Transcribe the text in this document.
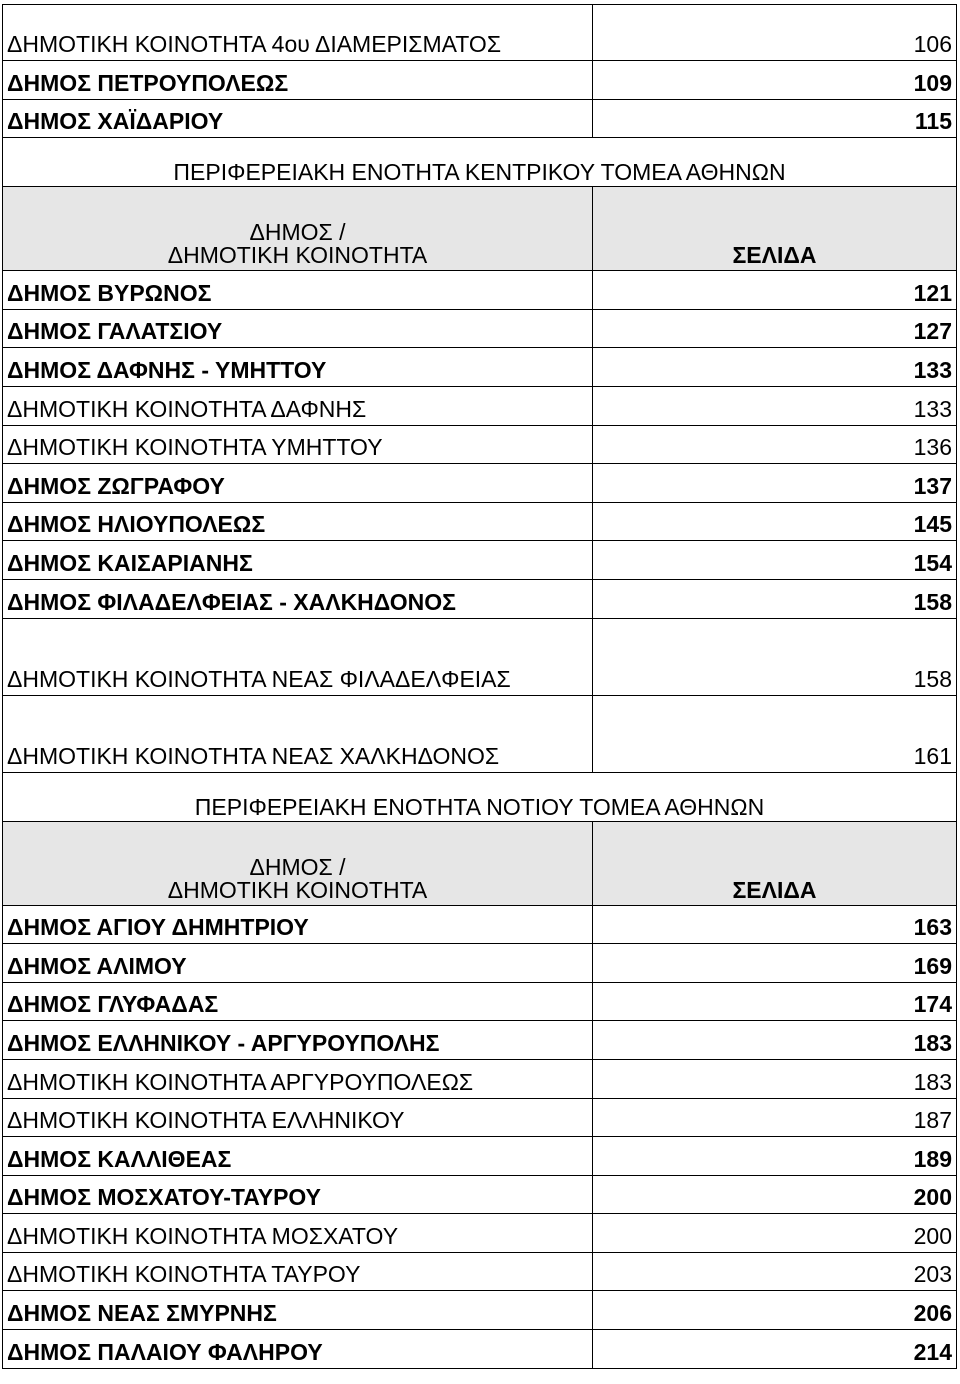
ΔΗΜΟΤΙΚΗ ΚΟΙΝΟΤΗΤΑ 4ου ΔΙΑΜΕΡΙΣΜΑΤΟΣ	106
ΔΗΜΟΣ ΠΕΤΡΟΥΠΟΛΕΩΣ	109
ΔΗΜΟΣ ΧΑΪΔΑΡΙΟΥ	115
ΠΕΡΙΦΕΡΕΙΑΚΗ ΕΝΟΤΗΤΑ ΚΕΝΤΡΙΚΟΥ ΤΟΜΕΑ ΑΘΗΝΩΝ	

ΔΗΜΟΣ /
ΔΗΜΟΤΙΚΗ ΚΟΙΝΟΤΗΤΑ	ΣΕΛΙΔΑ
ΔΗΜΟΣ ΒΥΡΩΝΟΣ	121
ΔΗΜΟΣ ΓΑΛΑΤΣΙΟΥ	127
ΔΗΜΟΣ ΔΑΦΝΗΣ - ΥΜΗΤΤΟΥ	133
ΔΗΜΟΤΙΚΗ ΚΟΙΝΟΤΗΤΑ ΔΑΦΝΗΣ	133
ΔΗΜΟΤΙΚΗ ΚΟΙΝΟΤΗΤΑ ΥΜΗΤΤΟΥ	136
ΔΗΜΟΣ ΖΩΓΡΑΦΟΥ	137
ΔΗΜΟΣ ΗΛΙΟΥΠΟΛΕΩΣ	145
ΔΗΜΟΣ ΚΑΙΣΑΡΙΑΝΗΣ	154
ΔΗΜΟΣ ΦΙΛΑΔΕΛΦΕΙΑΣ - ΧΑΛΚΗΔΟΝΟΣ	158
ΔΗΜΟΤΙΚΗ ΚΟΙΝΟΤΗΤΑ ΝΕΑΣ ΦΙΛΑΔΕΛΦΕΙΑΣ	158
ΔΗΜΟΤΙΚΗ ΚΟΙΝΟΤΗΤΑ ΝΕΑΣ ΧΑΛΚΗΔΟΝΟΣ	161
ΠΕΡΙΦΕΡΕΙΑΚΗ ΕΝΟΤΗΤΑ ΝΟΤΙΟΥ ΤΟΜΕΑ ΑΘΗΝΩΝ	

ΔΗΜΟΣ /
ΔΗΜΟΤΙΚΗ ΚΟΙΝΟΤΗΤΑ	ΣΕΛΙΔΑ
ΔΗΜΟΣ ΑΓΙΟΥ ΔΗΜΗΤΡΙΟΥ	163
ΔΗΜΟΣ ΑΛΙΜΟΥ	169
ΔΗΜΟΣ ΓΛΥΦΑΔΑΣ	174
ΔΗΜΟΣ ΕΛΛΗΝΙΚΟΥ - ΑΡΓΥΡΟΥΠΟΛΗΣ	183
ΔΗΜΟΤΙΚΗ ΚΟΙΝΟΤΗΤΑ ΑΡΓΥΡΟΥΠΟΛΕΩΣ	183
ΔΗΜΟΤΙΚΗ ΚΟΙΝΟΤΗΤΑ ΕΛΛΗΝΙΚΟΥ	187
ΔΗΜΟΣ ΚΑΛΛΙΘΕΑΣ	189
ΔΗΜΟΣ ΜΟΣΧΑΤΟΥ-ΤΑΥΡΟΥ	200
ΔΗΜΟΤΙΚΗ ΚΟΙΝΟΤΗΤΑ ΜΟΣΧΑΤΟΥ	200
ΔΗΜΟΤΙΚΗ ΚΟΙΝΟΤΗΤΑ ΤΑΥΡΟΥ	203
ΔΗΜΟΣ ΝΕΑΣ ΣΜΥΡΝΗΣ	206
ΔΗΜΟΣ ΠΑΛΑΙΟΥ ΦΑΛΗΡΟΥ	214
